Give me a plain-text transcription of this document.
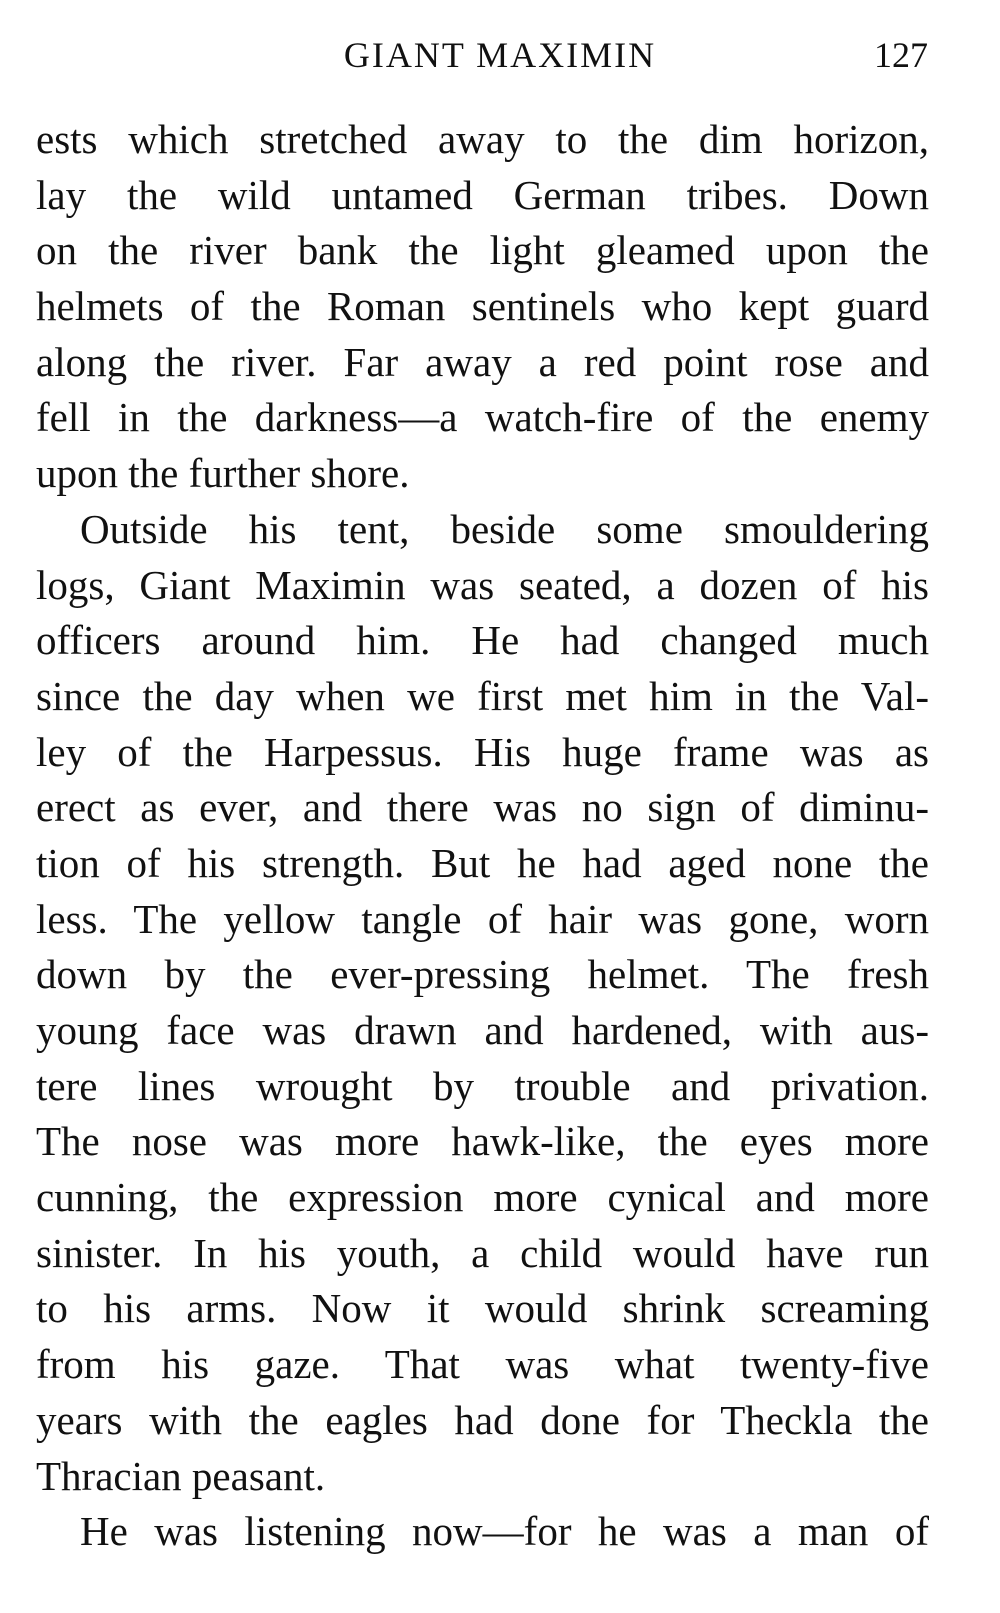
GIANT MAXIMIN	127
ests which stretched away to the dim horizon,
lay the wild untamed German tribes. Down
on the river bank the light gleamed upon the
helmets of the Roman sentinels who kept guard
along the river. Far away a red point rose and
fell in the darkness—a watch-fire of the enemy
upon the further shore.
Outside his tent, beside some smouldering
logs, Giant Maximin was seated, a dozen of his
officers around him. He had changed much
since the day when we first met him in the Val-
ley of the Harpessus. His huge frame was as
erect as ever, and there was no sign of diminu-
tion of his strength. But he had aged none the
less. The yellow tangle of hair was gone, worn
down by the ever-pressing helmet. The fresh
young face was drawn and hardened, with aus-
tere lines wrought by trouble and privation.
The nose was more hawk-like, the eyes more
cunning, the expression more cynical and more
sinister. In his youth, a child would have run
to his arms. Now it would shrink screaming
from his gaze. That was what twenty-five
years with the eagles had done for Theckla the
Thracian peasant.
He was listening now—for he was a man of
